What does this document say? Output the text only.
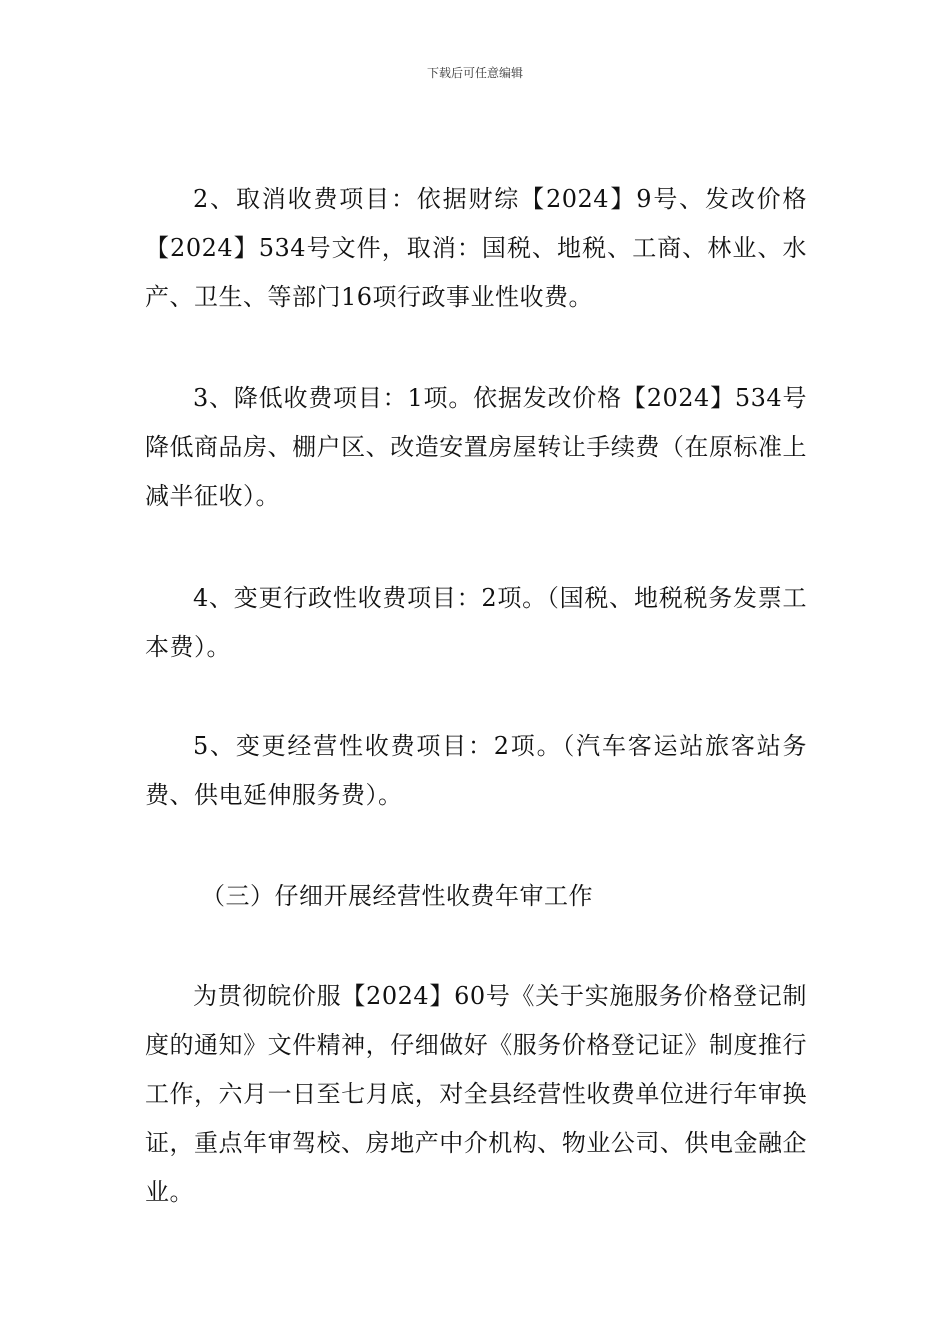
下载后可任意编辑

2、取消收费项目：依据财综【2024】9号、发改价格【2024】534号文件，取消：国税、地税、工商、林业、水产、卫生、等部门16项行政事业性收费。

3、降低收费项目：1项。依据发改价格【2024】534号降低商品房、棚户区、改造安置房屋转让手续费（在原标准上减半征收）。

4、变更行政性收费项目：2项。（国税、地税税务发票工本费）。

5、变更经营性收费项目：2项。（汽车客运站旅客站务费、供电延伸服务费）。

（三）仔细开展经营性收费年审工作

为贯彻皖价服【2024】60号《关于实施服务价格登记制度的通知》文件精神，仔细做好《服务价格登记证》制度推行工作，六月一日至七月底，对全县经营性收费单位进行年审换证，重点年审驾校、房地产中介机构、物业公司、供电金融企业。
